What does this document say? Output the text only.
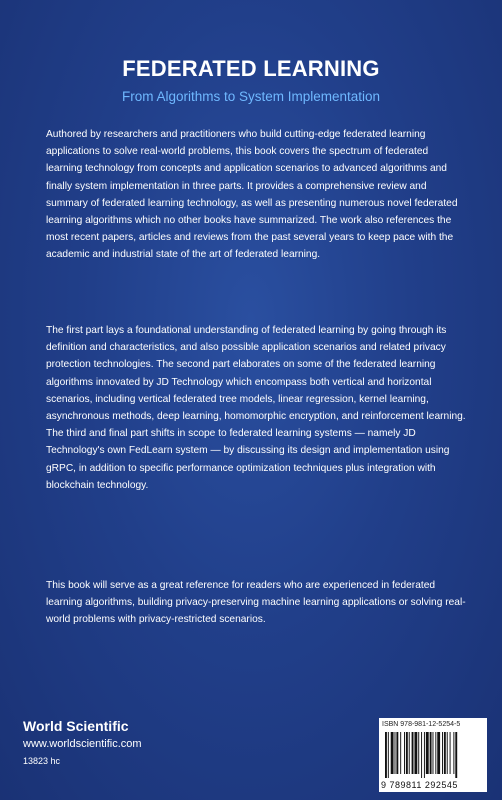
FEDERATED LEARNING
From Algorithms to System Implementation
Authored by researchers and practitioners who build cutting-edge federated learning applications to solve real-world problems, this book covers the spectrum of federated learning technology from concepts and application scenarios to advanced algorithms and finally system implementation in three parts. It provides a comprehensive review and summary of federated learning technology, as well as presenting numerous novel federated learning algorithms which no other books have summarized. The work also references the most recent papers, articles and reviews from the past several years to keep pace with the academic and industrial state of the art of federated learning.
The first part lays a foundational understanding of federated learning by going through its definition and characteristics, and also possible application scenarios and related privacy protection technologies. The second part elaborates on some of the federated learning algorithms innovated by JD Technology which encompass both vertical and horizontal scenarios, including vertical federated tree models, linear regression, kernel learning, asynchronous methods, deep learning, homomorphic encryption, and reinforcement learning. The third and final part shifts in scope to federated learning systems — namely JD Technology's own FedLearn system — by discussing its design and implementation using gRPC, in addition to specific performance optimization techniques plus integration with blockchain technology.
This book will serve as a great reference for readers who are experienced in federated learning algorithms, building privacy-preserving machine learning applications or solving real-world problems with privacy-restricted scenarios.
World Scientific
www.worldscientific.com
13823 hc
ISBN 978-981-12-5254-5
9 789811 292545
